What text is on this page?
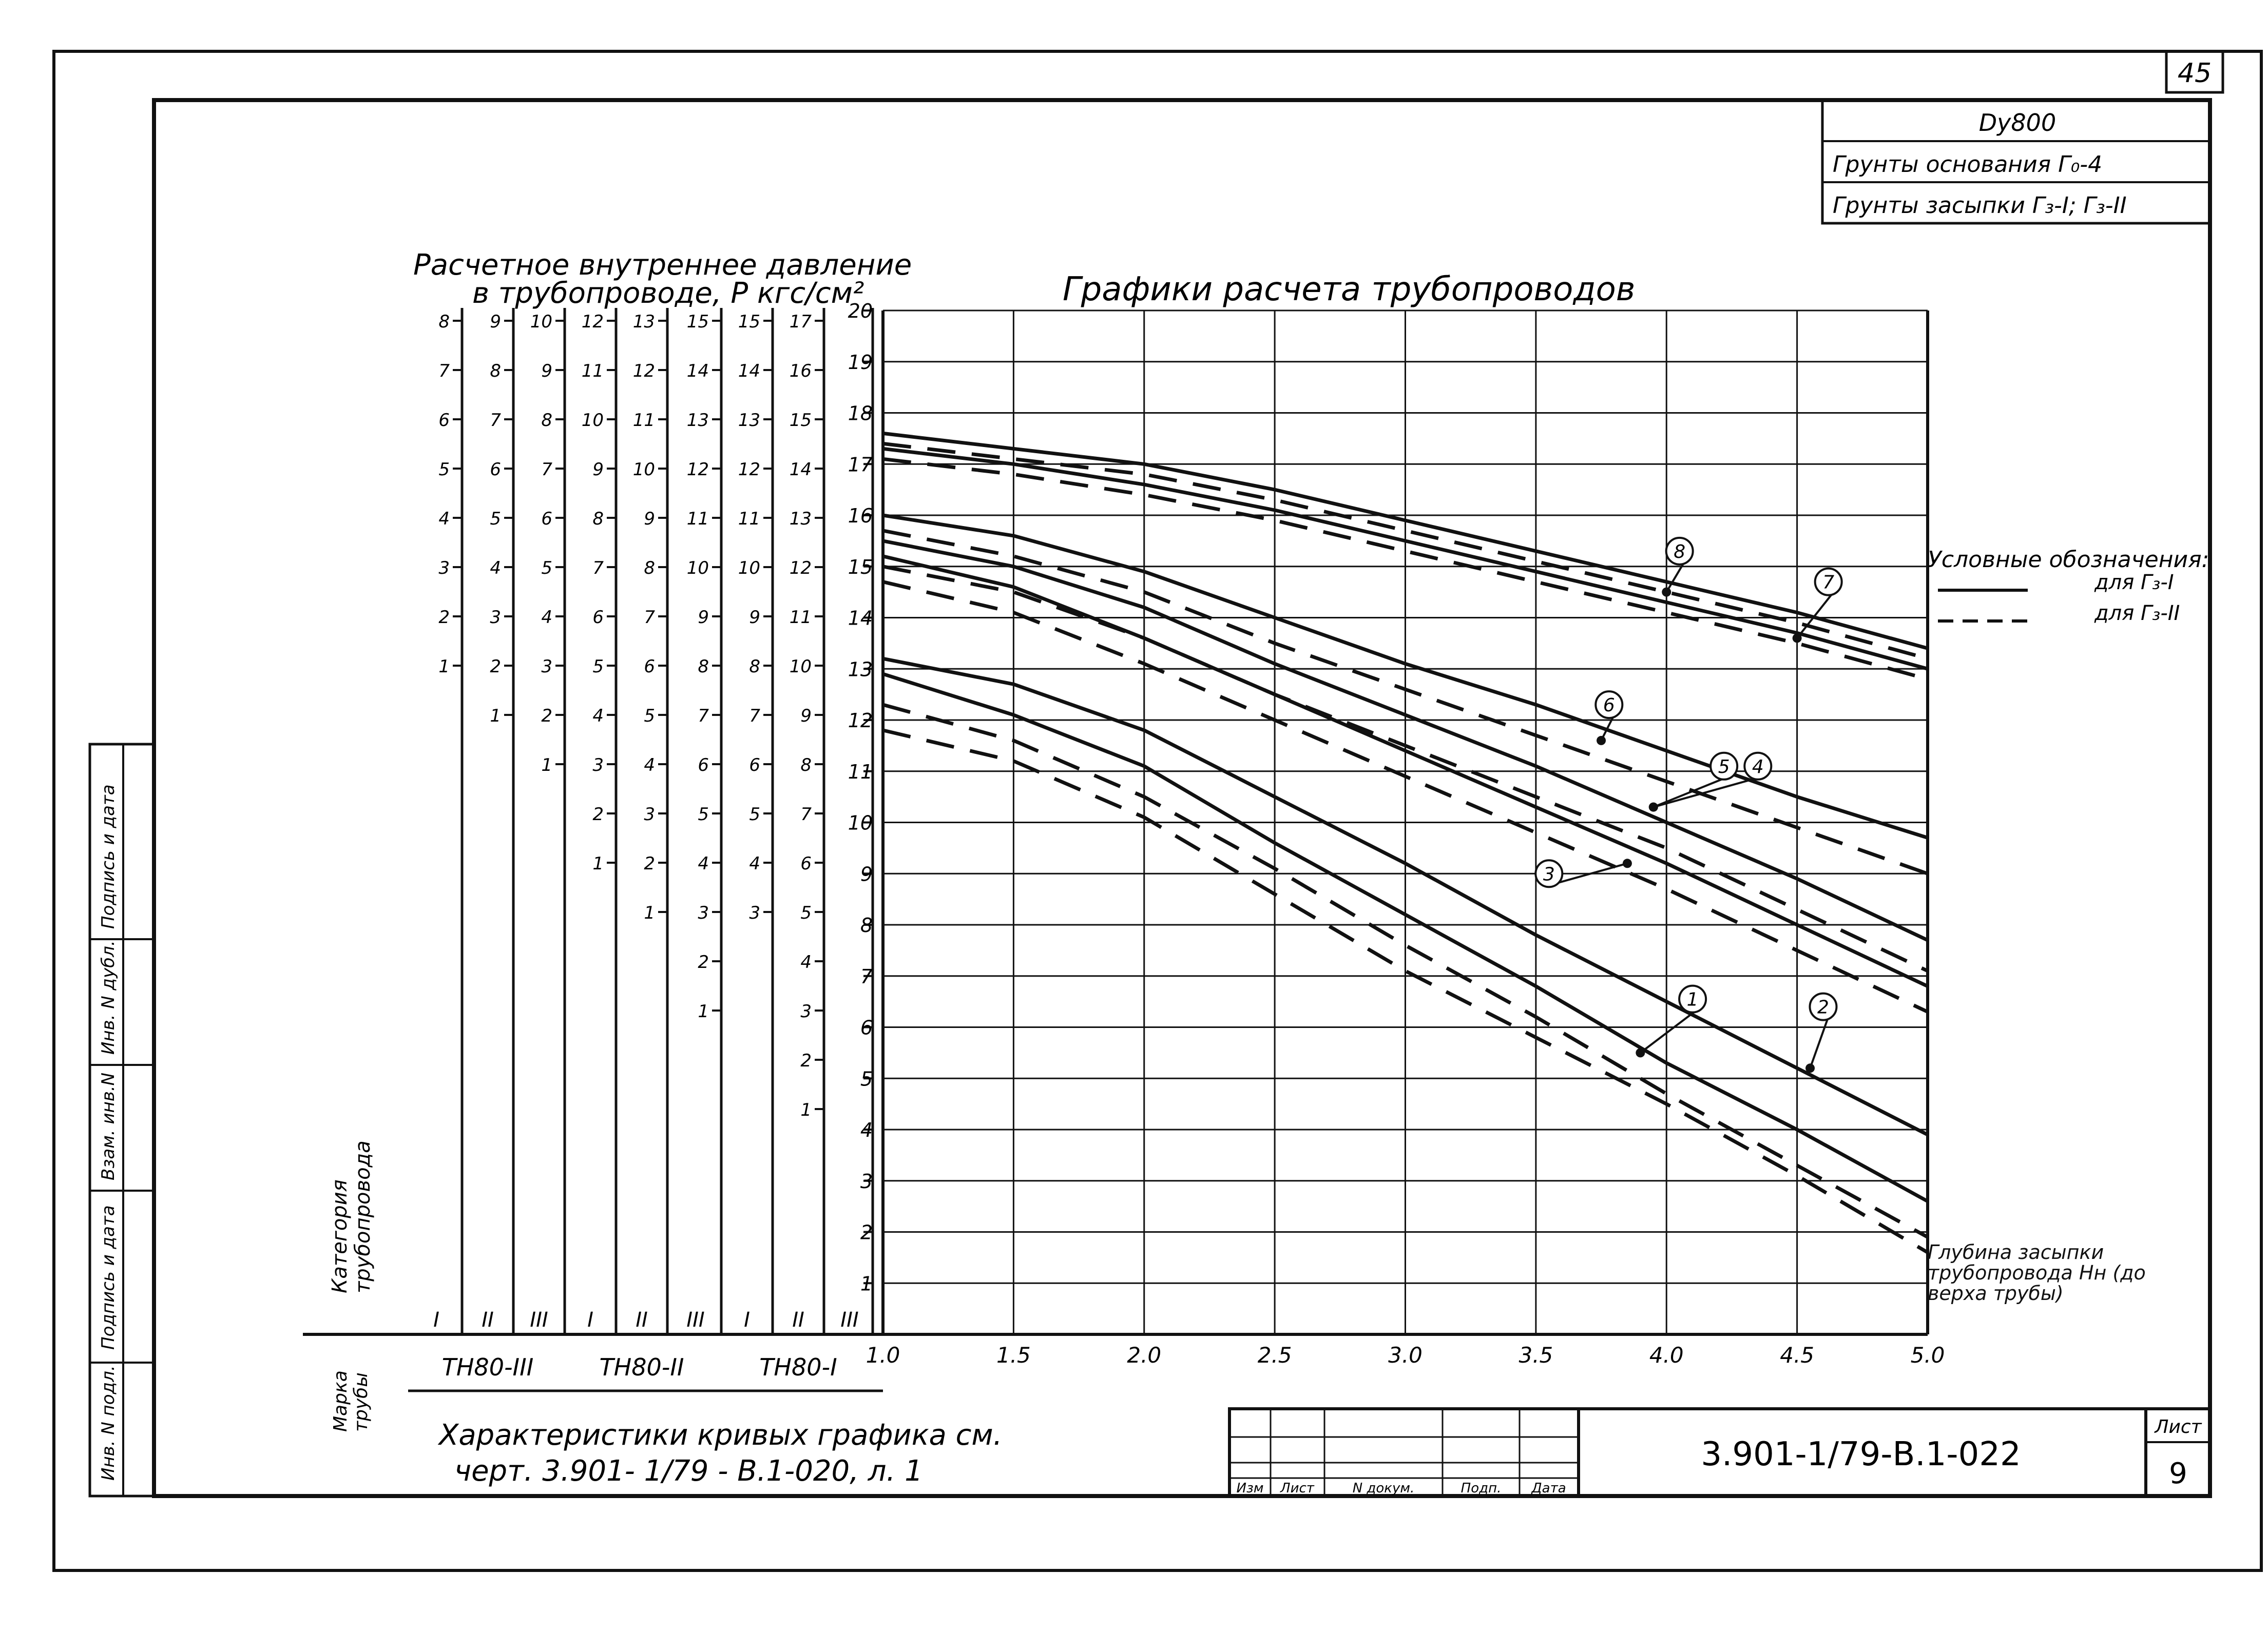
45
Dy800
Грунты основания Г₀-4
Грунты засыпки Г₃-I; Г₃-II
Инв. N подл.
Подпись и дата
Взам. инв.N
Инв. N дубл.
Подпись и дата
Расчетное внутреннее давление
в трубопроводе, P кгс/см²
1
2
3
4
5
6
7
8
1
2
3
4
5
6
7
8
9
1
2
3
4
5
6
7
8
9
10
1
2
3
4
5
6
7
8
9
10
11
12
1
2
3
4
5
6
7
8
9
10
11
12
13
1
2
3
4
5
6
7
8
9
10
11
12
13
14
15
3
4
5
6
7
8
9
10
11
12
13
14
15
1
2
3
4
5
6
7
8
9
10
11
12
13
14
15
16
17
Категория трубопровода
Марка трубы
I II III I II III I II III
ТН80-III	ТН80-II	ТН80-I
Графики расчета трубопроводов
1.0	1.5	2.0	2.5	3.0	3.5	4.0	4.5	5.0
1
2
3
4
5
6
7
8
9
10
11
12
13
14
15
16
17
18
19
20
1	2
3
4
5
6
7
8	Условные обозначения:
для Г₃-I
для Г₃-II
Глубина засыпки трубопровода Нн (до верха трубы)
Характеристики кривых графика см.
черт. 3.901- 1/79 - В.1-020, л. 1
Изм Лист	N докум.	Подп. Дата
3.901-1/79-В.1-022
Лист
9
